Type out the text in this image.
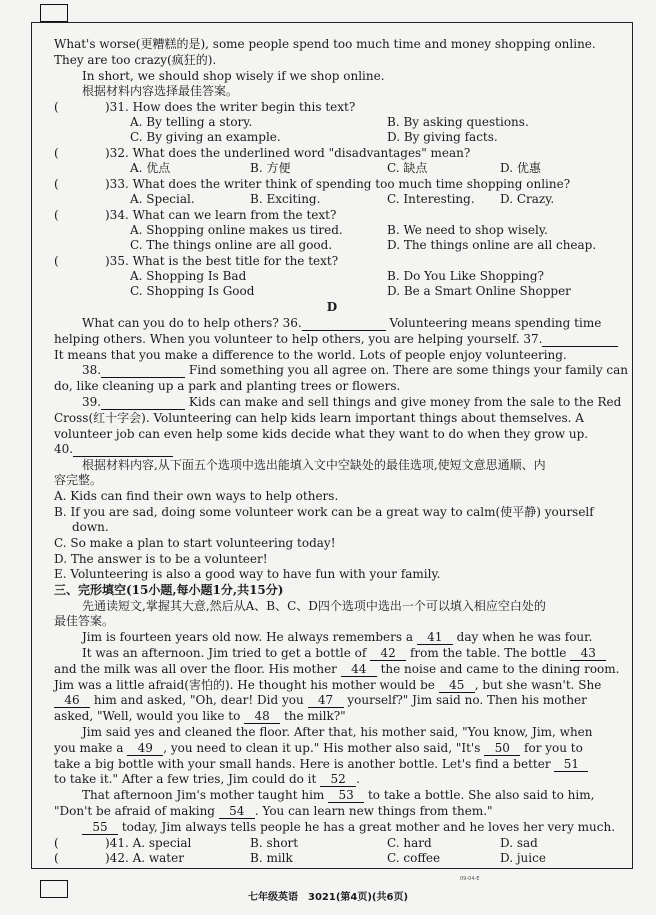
What's worse(更糟糕的是), some people spend too much time and money shopping online.
They are too crazy(疯狂的).
In short, we should shop wisely if we shop online.
根据材料内容选择最佳答案。
(	)31. How does the writer begin this text?
A. By telling a story.	B. By asking questions.
C. By giving an example.	D. By giving facts.
(	)32. What does the underlined word "disadvantages" mean?
A. 优点	B. 方便	C. 缺点	D. 优惠
(	)33. What does the writer think of spending too much time shopping online?
A. Special.	B. Exciting.	C. Interesting. D. Crazy.
(	)34. What can we learn from the text?
A. Shopping online makes us tired.	B. We need to shop wisely.
C. The things online are all good.	D. The things online are all cheap.
(	)35. What is the best title for the text?
A. Shopping Is Bad	B. Do You Like Shopping?
C. Shopping Is Good	D. Be a Smart Online Shopper
D
What can you do to help others? 36.	Volunteering means spending time
helping others. When you volunteer to help others, you are helping yourself. 37.
It means that you make a difference to the world. Lots of people enjoy volunteering.
38.	Find something you all agree on. There are some things your family can
do, like cleaning up a park and planting trees or flowers.
39.	Kids can make and sell things and give money from the sale to the Red
Cross(红十字会). Volunteering can help kids learn important things about themselves. A
volunteer job can even help some kids decide what they want to do when they grow up.
40.
根据材料内容,从下面五个选项中选出能填入文中空缺处的最佳选项,使短文意思通顺、内
容完整。
A. Kids can find their own ways to help others.
B. If you are sad, doing some volunteer work can be a great way to calm(使平静) yourself
down.
C. So make a plan to start volunteering today!
D. The answer is to be a volunteer!
E. Volunteering is also a good way to have fun with your family.
三、完形填空(15小题,每小题1分,共15分)
先通读短文,掌握其大意,然后从A、B、C、D四个选项中选出一个可以填入相应空白处的
最佳答案。
Jim is fourteen years old now. He always remembers a 41 day when he was four.
It was an afternoon. Jim tried to get a bottle of 42 from the table. The bottle 43
and the milk was all over the floor. His mother 44 the noise and came to the dining room.
Jim was a little afraid(害怕的). He thought his mother would be 45 , but she wasn't. She
46 him and asked, "Oh, dear! Did you 47 yourself?" Jim said no. Then his mother
asked, "Well, would you like to 48 the milk?"
Jim said yes and cleaned the floor. After that, his mother said, "You know, Jim, when
you make a 49 , you need to clean it up." His mother also said, "It's 50 for you to
take a big bottle with your small hands. Here is another bottle. Let's find a better 51
to take it." After a few tries, Jim could do it 52 .
That afternoon Jim's mother taught him 53 to take a bottle. She also said to him,
"Don't be afraid of making 54 . You can learn new things from them."
55 today, Jim always tells people he has a great mother and he loves her very much.
(	)41. A. special	B. short	C. hard	D. sad
(	)42. A. water	B. milk	C. coffee	D. juice
09-04-E
七年级英语　3021(第4页)(共6页)
